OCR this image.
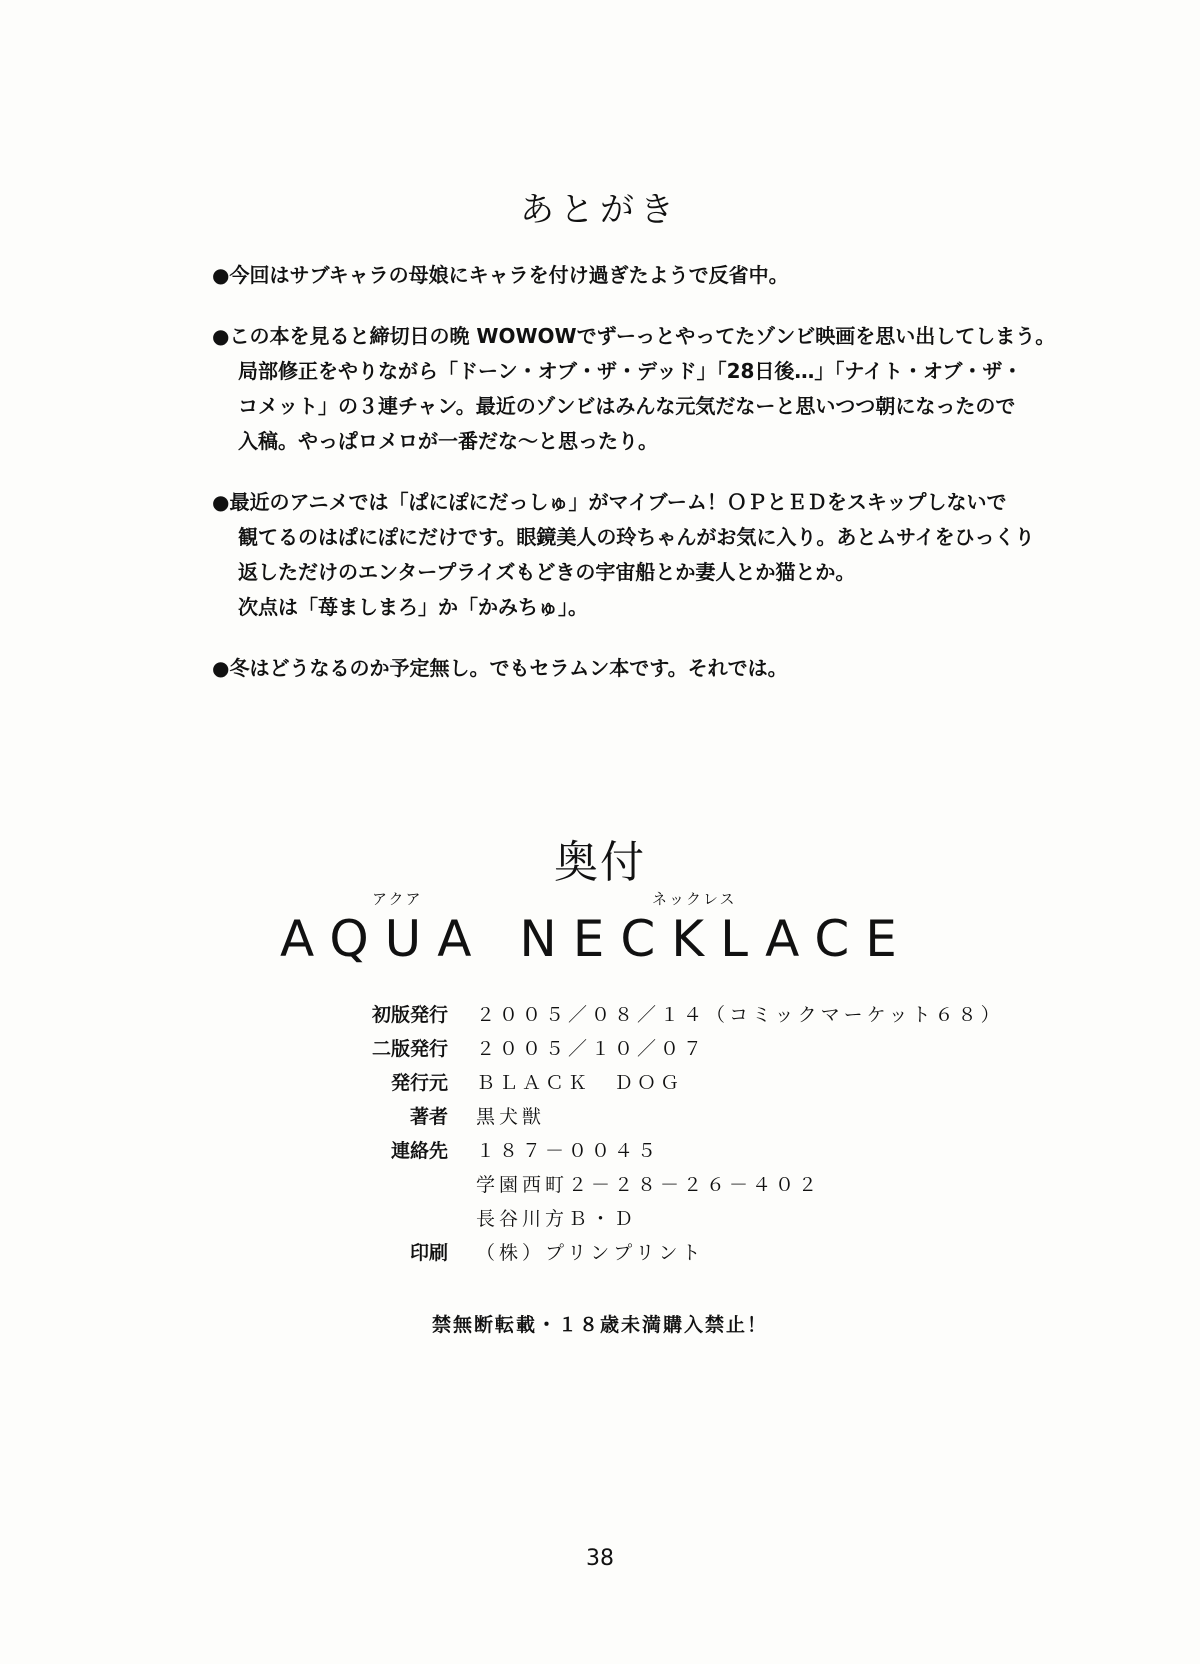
あとがき
●今回はサブキャラの母娘にキャラを付け過ぎたようで反省中。
●この本を見ると締切日の晩 WOWOWでずーっとやってたゾンビ映画を思い出してしまう。
局部修正をやりながら「ドーン・オブ・ザ・デッド」「28日後…」「ナイト・オブ・ザ・
コメット」の３連チャン。最近のゾンビはみんな元気だなーと思いつつ朝になったので
入稿。やっぱロメロが一番だな～と思ったり。
●最近のアニメでは「ぱにぽにだっしゅ」がマイブーム！ＯＰとＥＤをスキップしないで
観てるのはぱにぽにだけです。眼鏡美人の玲ちゃんがお気に入り。あとムサイをひっくり
返しただけのエンタープライズもどきの宇宙船とか妻人とか猫とか。
次点は「苺ましまろ」か「かみちゅ」。
●冬はどうなるのか予定無し。でもセラムン本です。それでは。
奥付
アクア	ネックレス
AQUA NECKLACE
初版発行 ２００５／０８／１４（コミックマーケット６８）
二版発行 ２００５／１０／０７
発行元 ＢＬＡＣＫ　ＤＯＧ
著者 黒犬獣
連絡先 １８７－００４５
学園西町２－２８－２６－４０２
長谷川方Ｂ・Ｄ
印刷 （株）プリンプリント
禁無断転載・１８歳未満購入禁止！
38
